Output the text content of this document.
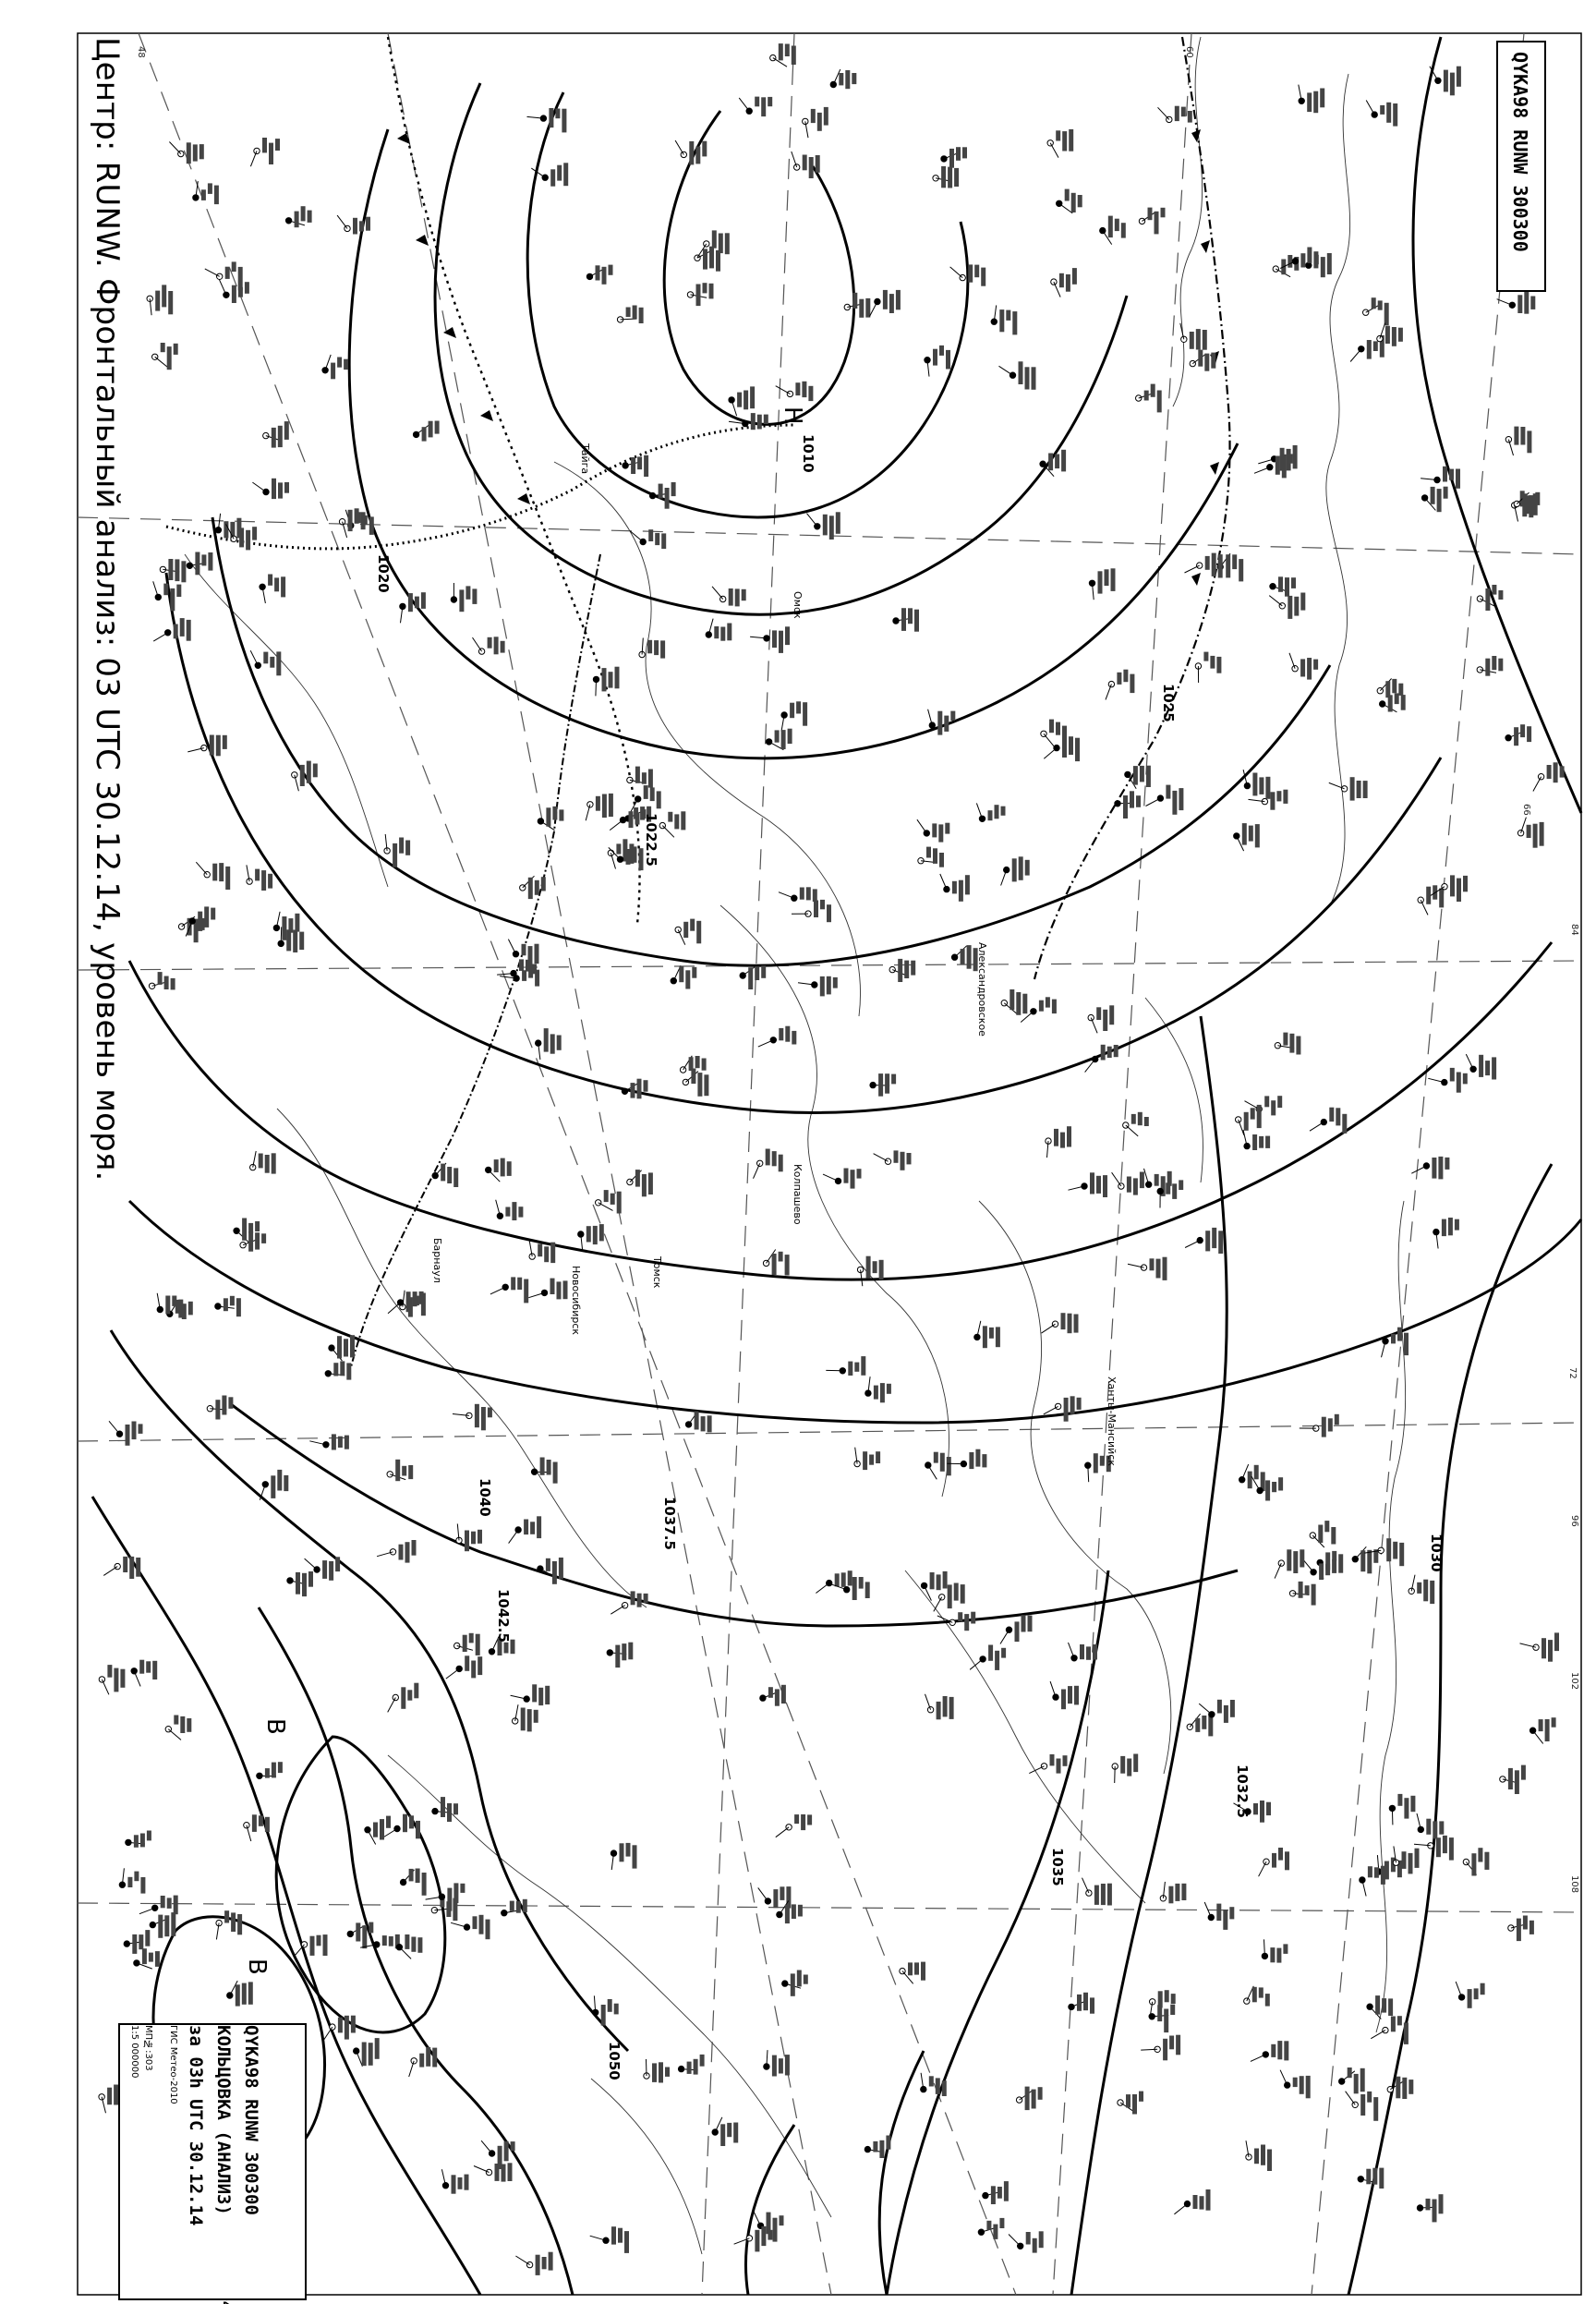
1010
1020
1022.5
1025
1030
1032.5
1035
1037.5
1040
1042.5
1050
Н
В
В
Томск
Новосибирск
Барнаул
Омск
Тайга
Александровское
Колпашево
Ханты-Мансийск
48	60
66
72
84
96
102
108
Центр: RUNW. Фронтальный анализ: 03 UTC 30.12.14, уровень моря.	QYKA98 RUNW 300300
QYKA98 RUNW 300300
КОЛЬЦОВКА (АНАЛИЗ)
за 03h UTC 30.12.14
ГИС Метео-2010
МП№:303
1:5 000000
